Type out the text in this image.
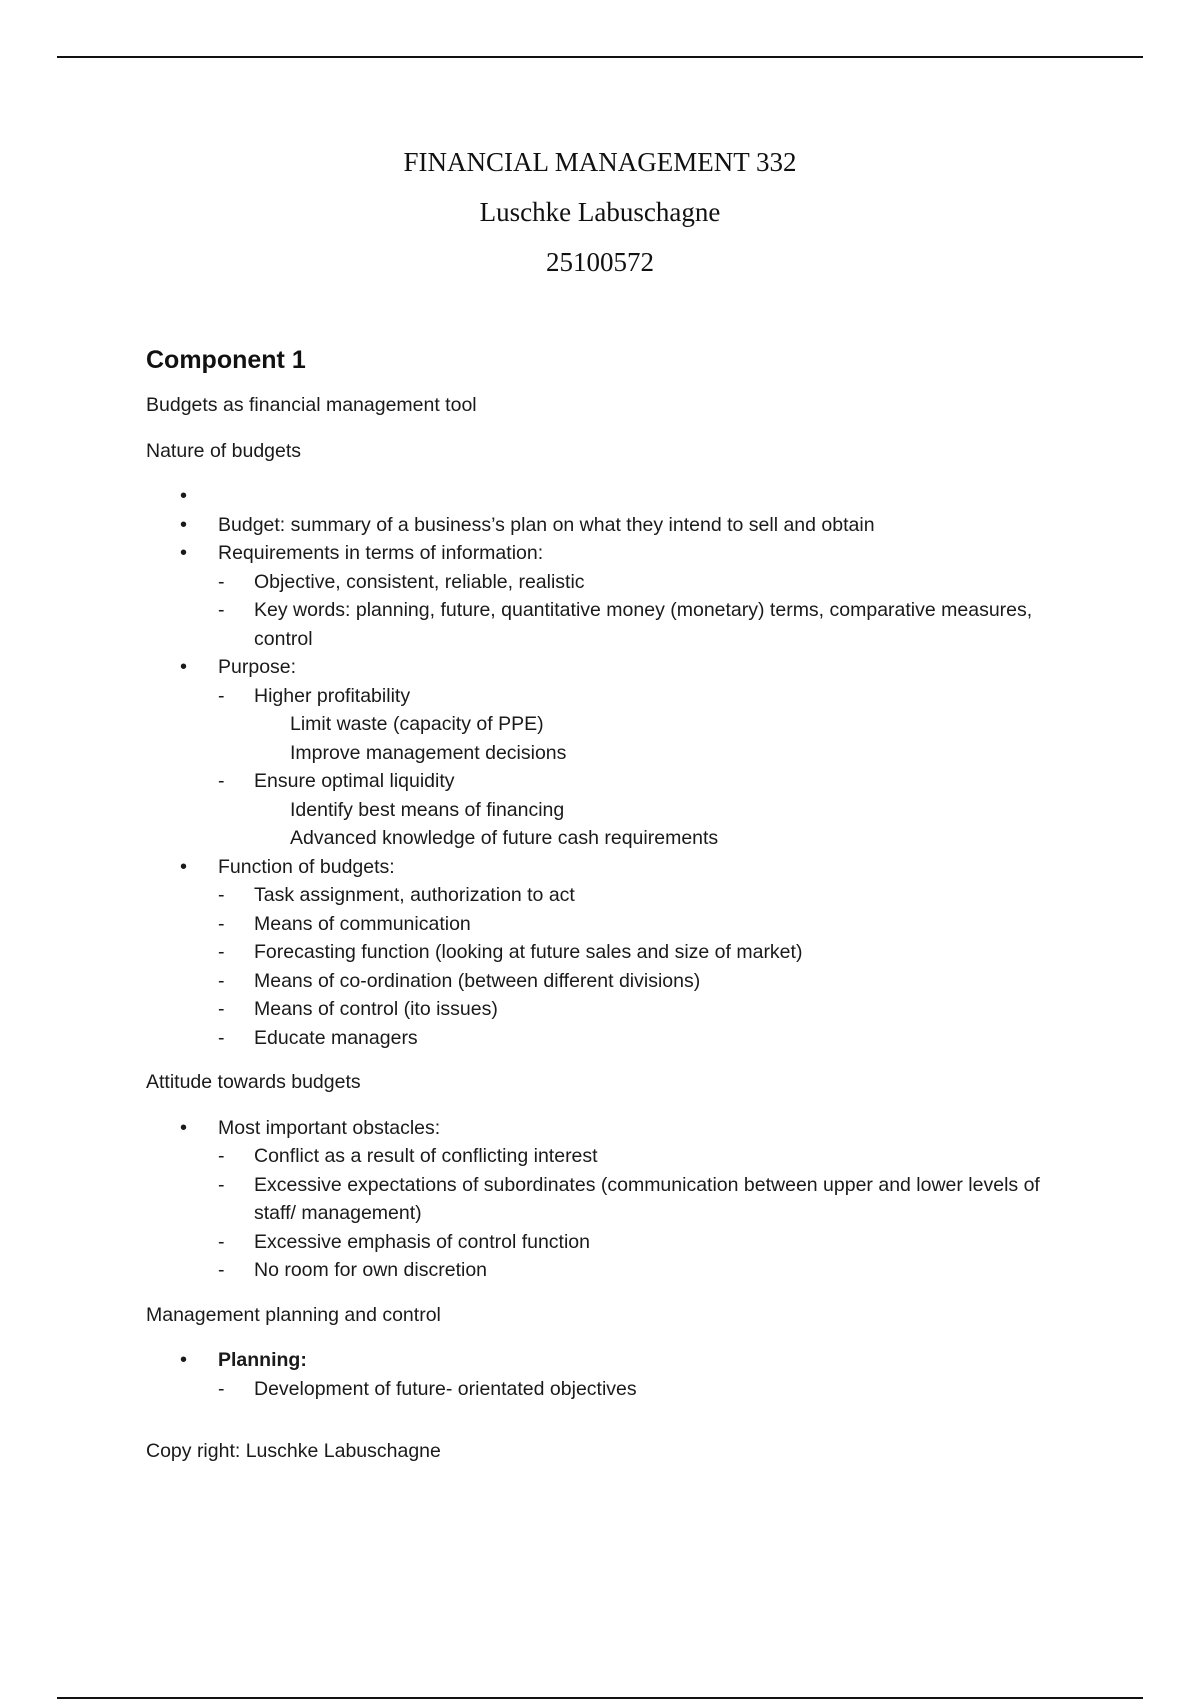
FINANCIAL MANAGEMENT 332
Luschke Labuschagne
25100572
Component 1
Budgets as financial management tool
Nature of budgets
•
• Budget: summary of a business’s plan on what they intend to sell and obtain
• Requirements in terms of information:
- Objective, consistent, reliable, realistic
- Key words: planning, future, quantitative money (monetary) terms, comparative measures, control
• Purpose:
- Higher profitability
Limit waste (capacity of PPE)
Improve management decisions
- Ensure optimal liquidity
Identify best means of financing
Advanced knowledge of future cash requirements
• Function of budgets:
- Task assignment, authorization to act
- Means of communication
- Forecasting function (looking at future sales and size of market)
- Means of co-ordination (between different divisions)
- Means of control (ito issues)
- Educate managers
Attitude towards budgets
• Most important obstacles:
- Conflict as a result of conflicting interest
- Excessive expectations of subordinates (communication between upper and lower levels of staff/ management)
- Excessive emphasis of control function
- No room for own discretion
Management planning and control
• Planning:
- Development of future- orientated objectives
Copy right: Luschke Labuschagne
